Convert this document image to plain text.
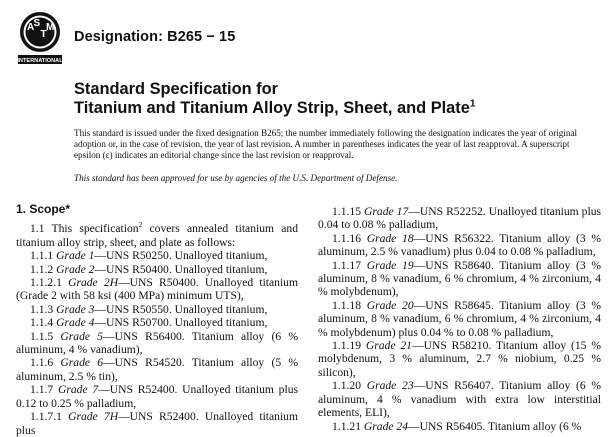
A S
T
M
INTERNATIONAL
Designation: B265 − 15
Standard Specification for
Titanium and Titanium Alloy Strip, Sheet, and Plate$^1$
This standard is issued under the fixed designation B265; the number immediately following the designation indicates the year of original adoption or, in the case of revision, the year of last revision. A number in parentheses indicates the year of last reapproval. A superscript epsilon (ε) indicates an editorial change since the last revision or reapproval.
This standard has been approved for use by agencies of the U.S. Department of Defense.
1. Scope*

1.1 This specification$^2$ covers annealed titanium and titanium alloy strip, sheet, and plate as follows:

1.1.1 Grade 1—UNS R50250. Unalloyed titanium,

1.1.2 Grade 2—UNS R50400. Unalloyed titanium,

1.1.2.1 Grade 2H—UNS R50400. Unalloyed titanium (Grade 2 with 58 ksi (400 MPa) minimum UTS),

1.1.3 Grade 3—UNS R50550. Unalloyed titanium,

1.1.4 Grade 4—UNS R50700. Unalloyed titanium,

1.1.5 Grade 5—UNS R56400. Titanium alloy (6 % aluminum, 4 % vanadium),

1.1.6 Grade 6—UNS R54520. Titanium alloy (5 % aluminum, 2.5 % tin),

1.1.7 Grade 7—UNS R52400. Unalloyed titanium plus 0.12 to 0.25 % palladium,

1.1.7.1 Grade 7H—UNS R52400. Unalloyed titanium plus

1.1.15 Grade 17—UNS R52252. Unalloyed titanium plus 0.04 to 0.08 % palladium,

1.1.16 Grade 18—UNS R56322. Titanium alloy (3 % aluminum, 2.5 % vanadium) plus 0.04 to 0.08 % palladium,

1.1.17 Grade 19—UNS R58640. Titanium alloy (3 % aluminum, 8 % vanadium, 6 % chromium, 4 % zirconium, 4 % molybdenum),

1.1.18 Grade 20—UNS R58645. Titanium alloy (3 % aluminum, 8 % vanadium, 6 % chromium, 4 % zirconium, 4 % molybdenum) plus 0.04 % to 0.08 % palladium,

1.1.19 Grade 21—UNS R58210. Titanium alloy (15 % molybdenum, 3 % aluminum, 2.7 % niobium, 0.25 % silicon),

1.1.20 Grade 23—UNS R56407. Titanium alloy (6 % aluminum, 4 % vanadium with extra low interstitial elements, ELI),

1.1.21 Grade 24—UNS R56405. Titanium alloy (6 %
